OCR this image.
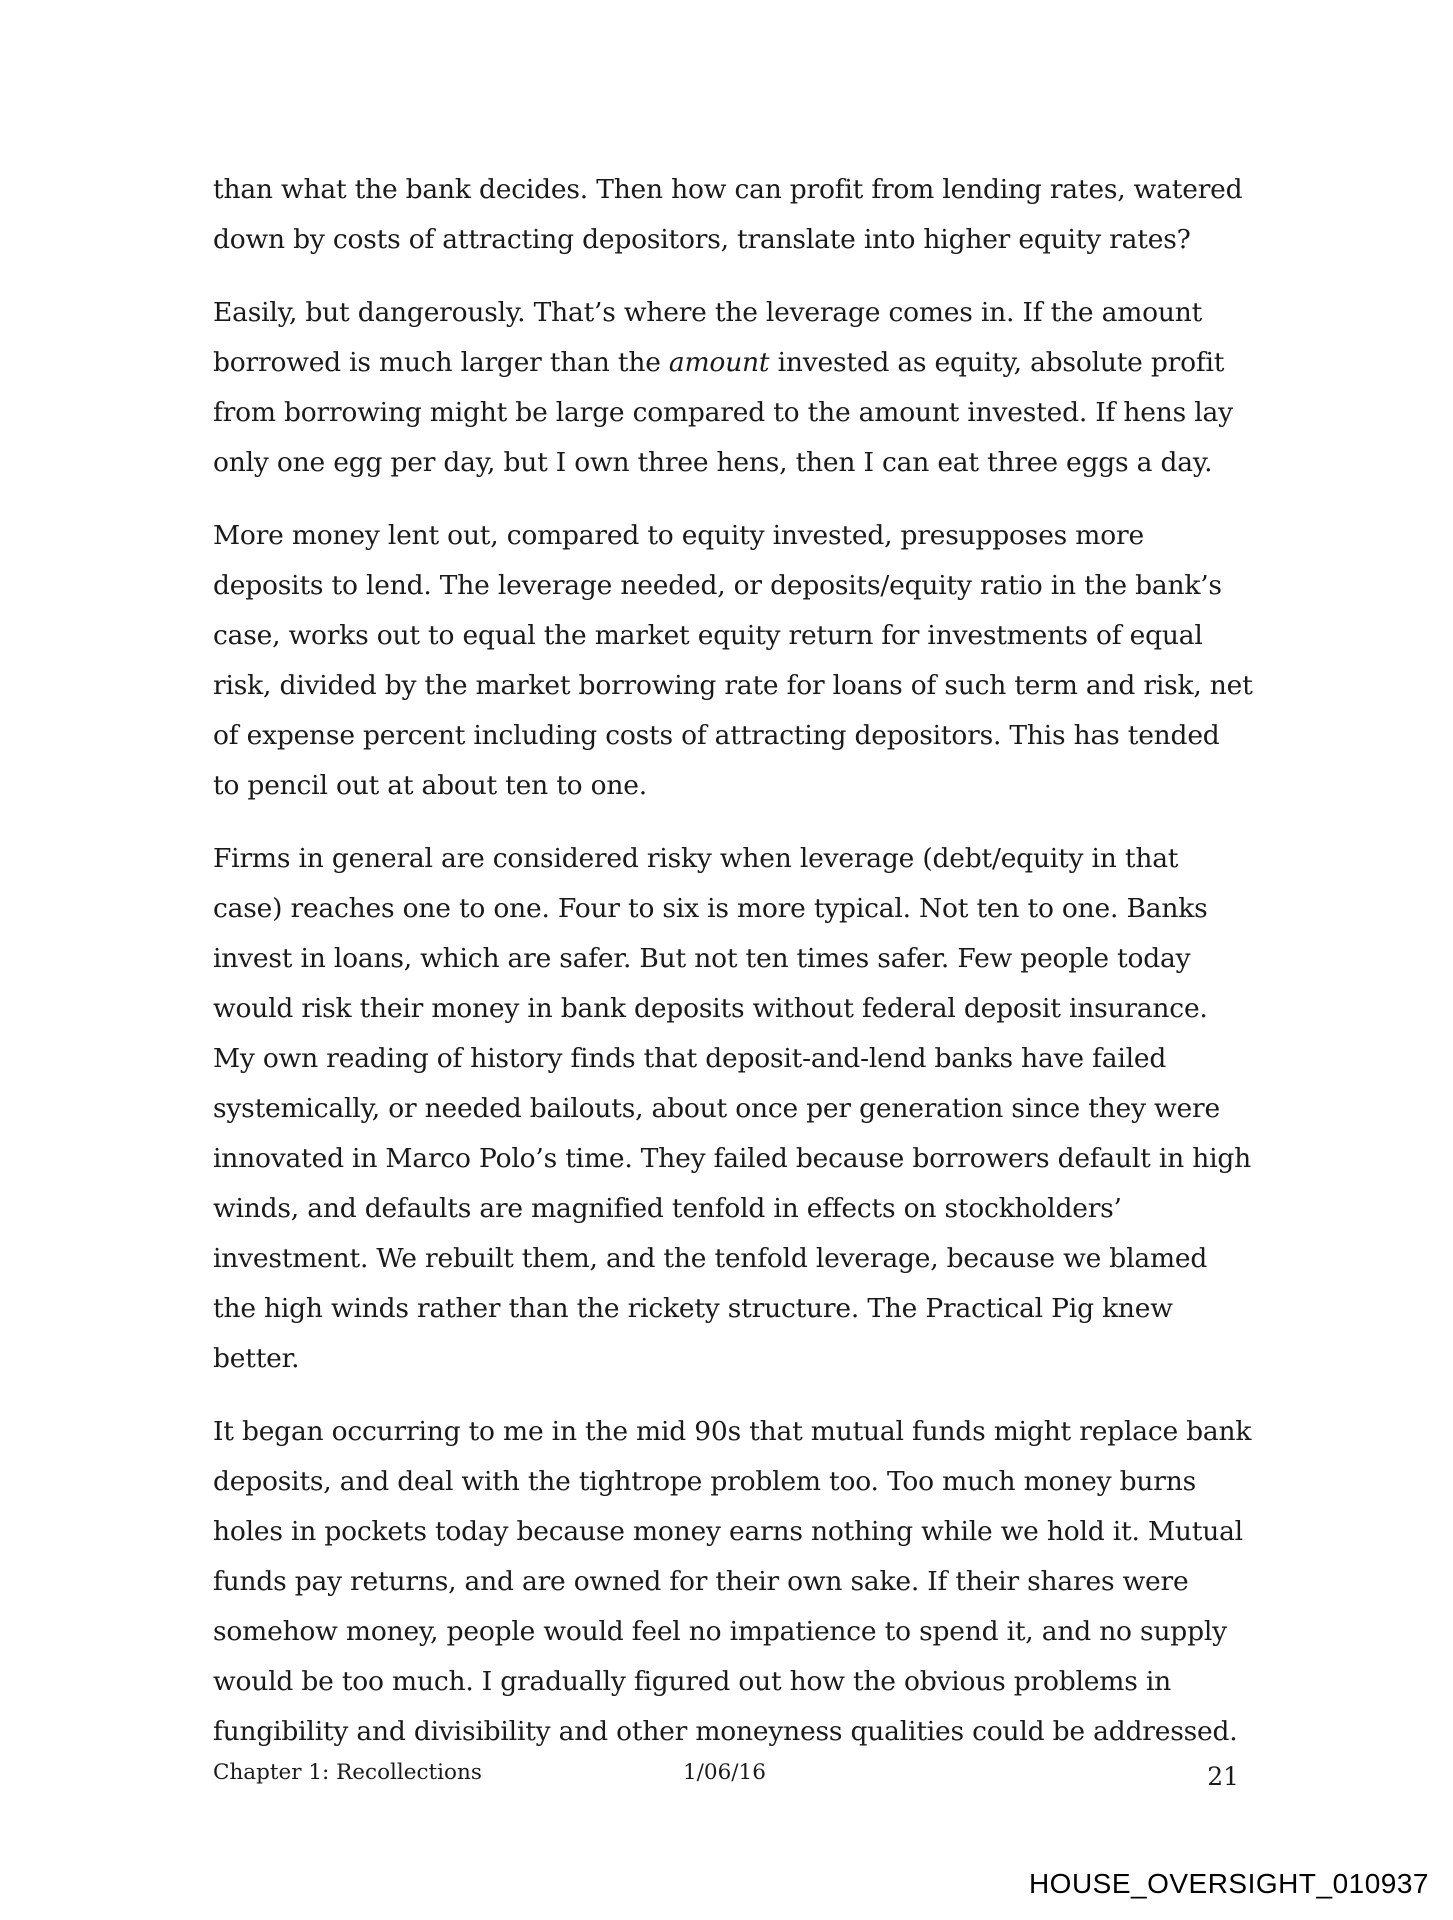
than what the bank decides. Then how can profit from lending rates, watered down by costs of attracting depositors, translate into higher equity rates?

Easily, but dangerously. That’s where the leverage comes in. If the amount borrowed is much larger than the amount invested as equity, absolute profit from borrowing might be large compared to the amount invested. If hens lay only one egg per day, but I own three hens, then I can eat three eggs a day.

More money lent out, compared to equity invested, presupposes more deposits to lend. The leverage needed, or deposits/equity ratio in the bank’s case, works out to equal the market equity return for investments of equal risk, divided by the market borrowing rate for loans of such term and risk, net of expense percent including costs of attracting depositors. This has tended to pencil out at about ten to one.

Firms in general are considered risky when leverage (debt/equity in that case) reaches one to one. Four to six is more typical. Not ten to one. Banks invest in loans, which are safer. But not ten times safer. Few people today would risk their money in bank deposits without federal deposit insurance. My own reading of history finds that deposit-and-lend banks have failed systemically, or needed bailouts, about once per generation since they were innovated in Marco Polo’s time. They failed because borrowers default in high winds, and defaults are magnified tenfold in effects on stockholders’ investment. We rebuilt them, and the tenfold leverage, because we blamed the high winds rather than the rickety structure. The Practical Pig knew better.

It began occurring to me in the mid 90s that mutual funds might replace bank deposits, and deal with the tightrope problem too. Too much money burns holes in pockets today because money earns nothing while we hold it. Mutual funds pay returns, and are owned for their own sake. If their shares were somehow money, people would feel no impatience to spend it, and no supply would be too much. I gradually figured out how the obvious problems in fungibility and divisibility and other moneyness qualities could be addressed.

Chapter 1: Recollections	1/06/16	21
HOUSE_OVERSIGHT_010937
